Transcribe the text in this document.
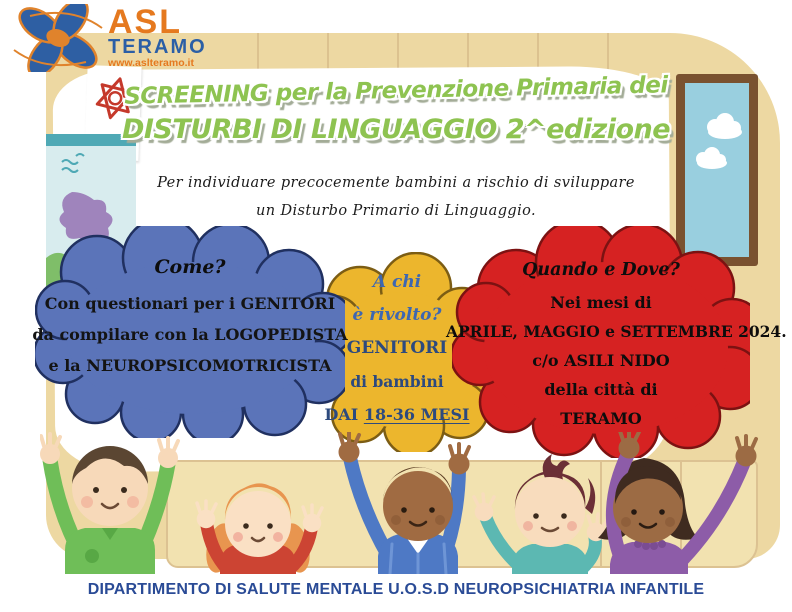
ASL
TERAMO
www.aslteramo.it
SCREENING per la Prevenzione Primaria dei
DISTURBI DI LINGUAGGIO 2^edizione
Per individuare precocemente bambini a rischio di sviluppare
un Disturbo Primario di Linguaggio.
A chi
è rivolto?
GENITORI
di bambini
DAI 18-36 MESI
Come?
Con questionari per i GENITORI
da compilare con la LOGOPEDISTA
e la NEUROPSICOMOTRICISTA
Quando e Dove?
Nei mesi di
APRILE, MAGGIO e SETTEMBRE 2024.
c/o ASILI NIDO
della città di
TERAMO
DIPARTIMENTO DI SALUTE MENTALE U.O.S.D NEUROPSICHIATRIA INFANTILE
